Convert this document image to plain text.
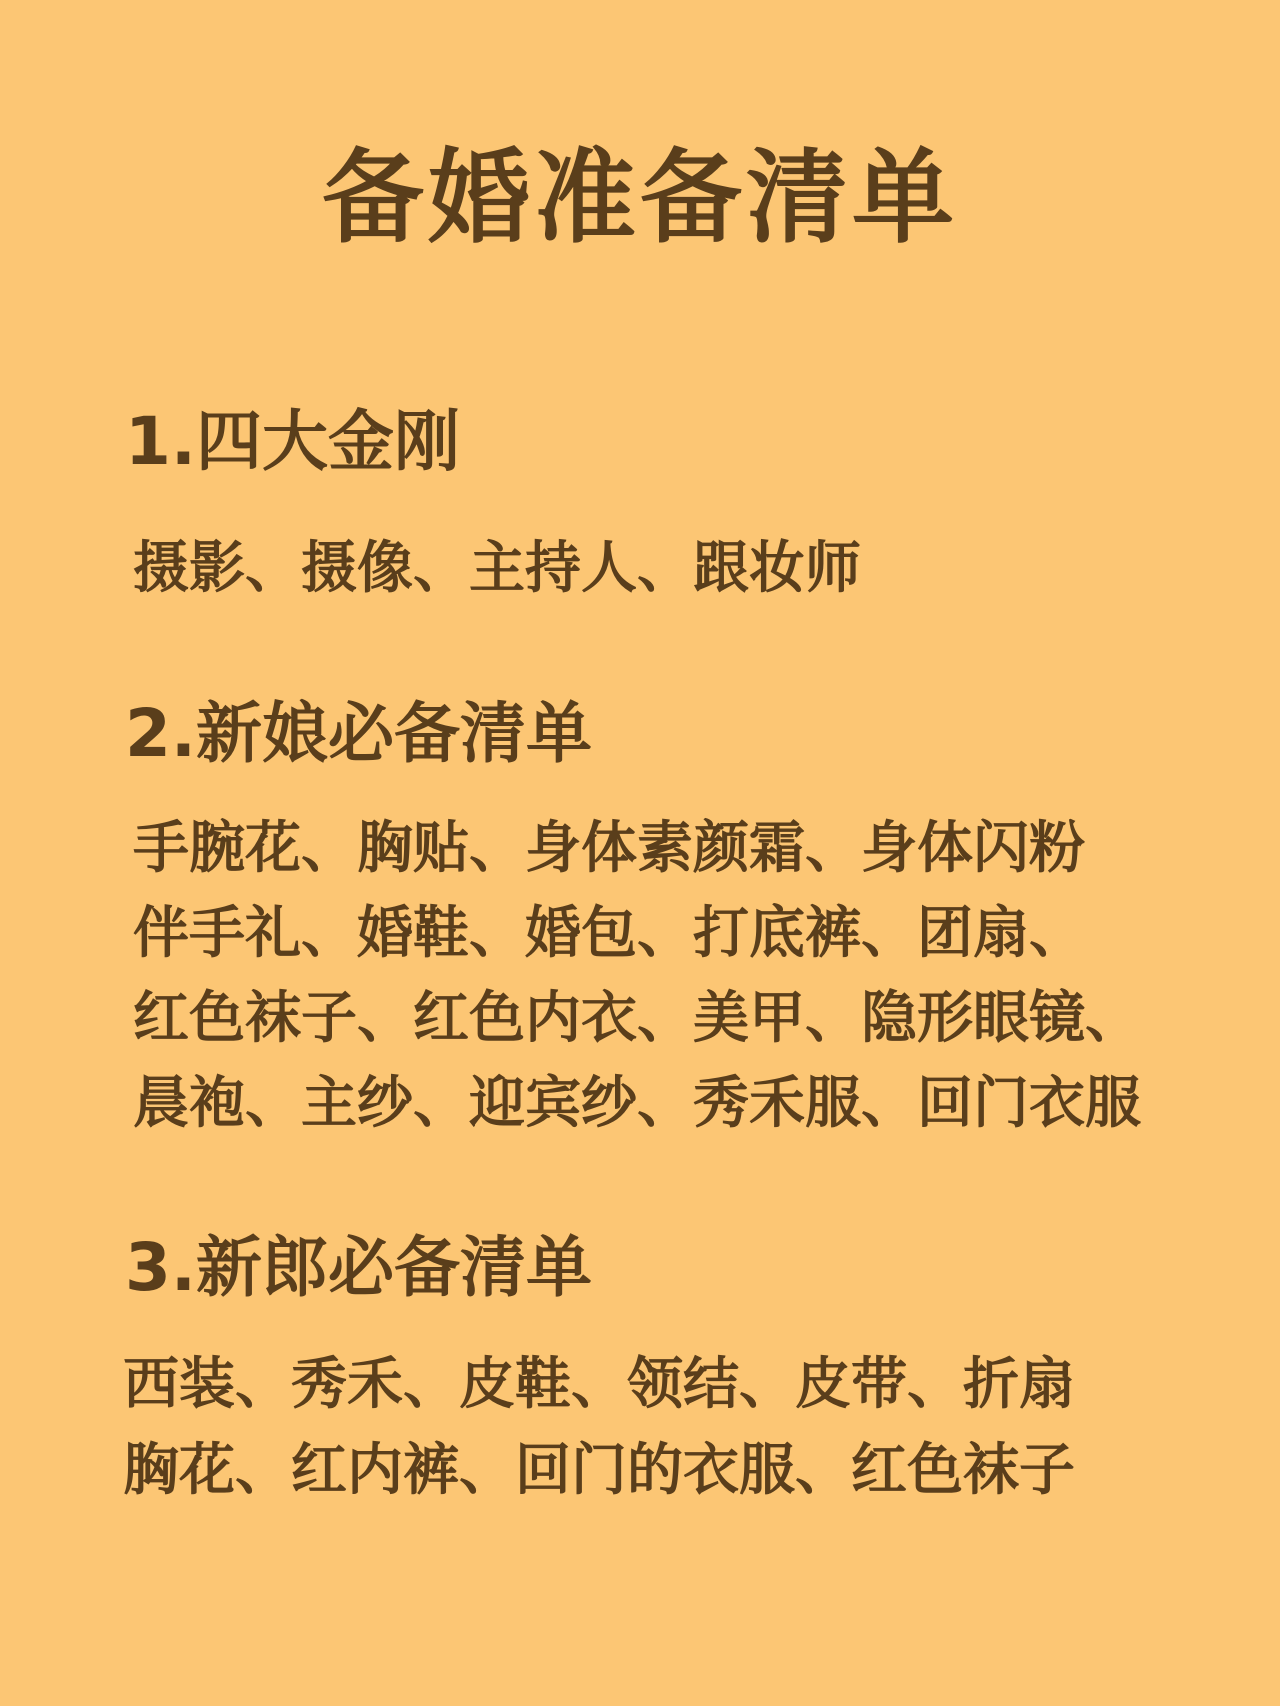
备婚准备清单
1.四大金刚
摄影、摄像、主持人、跟妆师
2.新娘必备清单
手腕花、胸贴、身体素颜霜、身体闪粉
伴手礼、婚鞋、婚包、打底裤、团扇、
红色袜子、红色内衣、美甲、隐形眼镜、
晨袍、主纱、迎宾纱、秀禾服、回门衣服
3.新郎必备清单
西装、秀禾、皮鞋、领结、皮带、折扇
胸花、红内裤、回门的衣服、红色袜子
